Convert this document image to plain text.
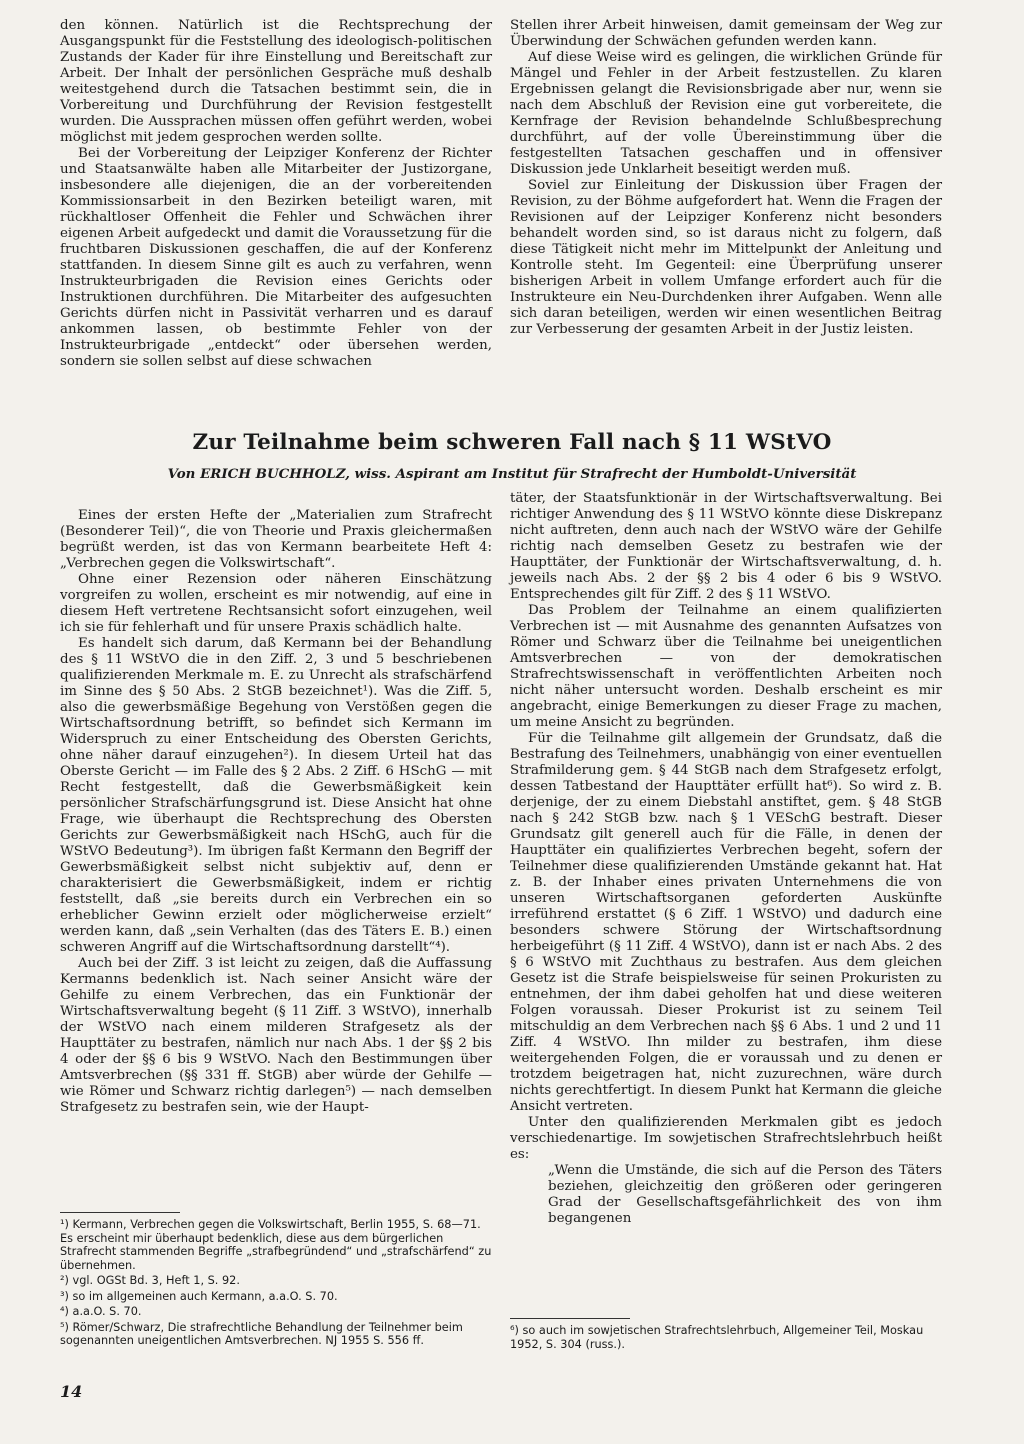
den können. Natürlich ist die Rechtsprechung der Ausgangspunkt für die Feststellung des ideologisch-politischen Zustands der Kader für ihre Einstellung und Bereitschaft zur Arbeit. Der Inhalt der persönlichen Gespräche muß deshalb weitestgehend durch die Tatsachen bestimmt sein, die in Vorbereitung und Durchführung der Revision festgestellt wurden. Die Aussprachen müssen offen geführt werden, wobei möglichst mit jedem gesprochen werden sollte.

Bei der Vorbereitung der Leipziger Konferenz der Richter und Staatsanwälte haben alle Mitarbeiter der Justizorgane, insbesondere alle diejenigen, die an der vorbereitenden Kommissionsarbeit in den Bezirken beteiligt waren, mit rückhaltloser Offenheit die Fehler und Schwächen ihrer eigenen Arbeit aufgedeckt und damit die Voraussetzung für die fruchtbaren Diskussionen geschaffen, die auf der Konferenz stattfanden. In diesem Sinne gilt es auch zu verfahren, wenn Instrukteurbrigaden die Revision eines Gerichts oder Instruktionen durchführen. Die Mitarbeiter des aufgesuchten Gerichts dürfen nicht in Passivität verharren und es darauf ankommen lassen, ob bestimmte Fehler von der Instrukteurbrigade „entdeckt“ oder übersehen werden, sondern sie sollen selbst auf diese schwachen

Stellen ihrer Arbeit hinweisen, damit gemeinsam der Weg zur Überwindung der Schwächen gefunden werden kann.

Auf diese Weise wird es gelingen, die wirklichen Gründe für Mängel und Fehler in der Arbeit festzustellen. Zu klaren Ergebnissen gelangt die Revisionsbrigade aber nur, wenn sie nach dem Abschluß der Revision eine gut vorbereitete, die Kernfrage der Revision behandelnde Schlußbesprechung durchführt, auf der volle Übereinstimmung über die festgestellten Tatsachen geschaffen und in offensiver Diskussion jede Unklarheit beseitigt werden muß.

Soviel zur Einleitung der Diskussion über Fragen der Revision, zu der Böhme aufgefordert hat. Wenn die Fragen der Revisionen auf der Leipziger Konferenz nicht besonders behandelt worden sind, so ist daraus nicht zu folgern, daß diese Tätigkeit nicht mehr im Mittelpunkt der Anleitung und Kontrolle steht. Im Gegenteil: eine Überprüfung unserer bisherigen Arbeit in vollem Umfange erfordert auch für die Instrukteure ein Neu-Durchdenken ihrer Aufgaben. Wenn alle sich daran beteiligen, werden wir einen wesentlichen Beitrag zur Verbesserung der gesamten Arbeit in der Justiz leisten.

Zur Teilnahme beim schweren Fall nach § 11 WStVO
Von ERICH BUCHHOLZ, wiss. Aspirant am Institut für Strafrecht der Humboldt-Universität

Eines der ersten Hefte der „Materialien zum Strafrecht (Besonderer Teil)“, die von Theorie und Praxis gleichermaßen begrüßt werden, ist das von Kermann bearbeitete Heft 4: „Verbrechen gegen die Volkswirtschaft“.

Ohne einer Rezension oder näheren Einschätzung vorgreifen zu wollen, erscheint es mir notwendig, auf eine in diesem Heft vertretene Rechtsansicht sofort einzugehen, weil ich sie für fehlerhaft und für unsere Praxis schädlich halte.

Es handelt sich darum, daß Kermann bei der Behandlung des § 11 WStVO die in den Ziff. 2, 3 und 5 beschriebenen qualifizierenden Merkmale m. E. zu Unrecht als strafschärfend im Sinne des § 50 Abs. 2 StGB bezeichnet¹). Was die Ziff. 5, also die gewerbsmäßige Begehung von Verstößen gegen die Wirtschaftsordnung betrifft, so befindet sich Kermann im Widerspruch zu einer Entscheidung des Obersten Gerichts, ohne näher darauf einzugehen²). In diesem Urteil hat das Oberste Gericht — im Falle des § 2 Abs. 2 Ziff. 6 HSchG — mit Recht festgestellt, daß die Gewerbsmäßigkeit kein persönlicher Strafschärfungsgrund ist. Diese Ansicht hat ohne Frage, wie überhaupt die Rechtsprechung des Obersten Gerichts zur Gewerbsmäßigkeit nach HSchG, auch für die WStVO Bedeutung³). Im übrigen faßt Kermann den Begriff der Gewerbsmäßigkeit selbst nicht subjektiv auf, denn er charakterisiert die Gewerbsmäßigkeit, indem er richtig feststellt, daß „sie bereits durch ein Verbrechen ein so erheblicher Gewinn erzielt oder möglicherweise erzielt“ werden kann, daß „sein Verhalten (das des Täters E. B.) einen schweren Angriff auf die Wirtschaftsordnung darstellt“⁴).

Auch bei der Ziff. 3 ist leicht zu zeigen, daß die Auffassung Kermanns bedenklich ist. Nach seiner Ansicht wäre der Gehilfe zu einem Verbrechen, das ein Funktionär der Wirtschaftsverwaltung begeht (§ 11 Ziff. 3 WStVO), innerhalb der WStVO nach einem milderen Strafgesetz als der Haupttäter zu bestrafen, nämlich nur nach Abs. 1 der §§ 2 bis 4 oder der §§ 6 bis 9 WStVO. Nach den Bestimmungen über Amtsverbrechen (§§ 331 ff. StGB) aber würde der Gehilfe — wie Römer und Schwarz richtig darlegen⁵) — nach demselben Strafgesetz zu bestrafen sein, wie der Haupt-

täter, der Staatsfunktionär in der Wirtschaftsverwaltung. Bei richtiger Anwendung des § 11 WStVO könnte diese Diskrepanz nicht auftreten, denn auch nach der WStVO wäre der Gehilfe richtig nach demselben Gesetz zu bestrafen wie der Haupttäter, der Funktionär der Wirtschaftsverwaltung, d. h. jeweils nach Abs. 2 der §§ 2 bis 4 oder 6 bis 9 WStVO. Entsprechendes gilt für Ziff. 2 des § 11 WStVO.

Das Problem der Teilnahme an einem qualifizierten Verbrechen ist — mit Ausnahme des genannten Aufsatzes von Römer und Schwarz über die Teilnahme bei uneigentlichen Amtsverbrechen — von der demokratischen Strafrechtswissenschaft in veröffentlichten Arbeiten noch nicht näher untersucht worden. Deshalb erscheint es mir angebracht, einige Bemerkungen zu dieser Frage zu machen, um meine Ansicht zu begründen.

Für die Teilnahme gilt allgemein der Grundsatz, daß die Bestrafung des Teilnehmers, unabhängig von einer eventuellen Strafmilderung gem. § 44 StGB nach dem Strafgesetz erfolgt, dessen Tatbestand der Haupttäter erfüllt hat⁶). So wird z. B. derjenige, der zu einem Diebstahl anstiftet, gem. § 48 StGB nach § 242 StGB bzw. nach § 1 VESchG bestraft. Dieser Grundsatz gilt generell auch für die Fälle, in denen der Haupttäter ein qualifiziertes Verbrechen begeht, sofern der Teilnehmer diese qualifizierenden Umstände gekannt hat. Hat z. B. der Inhaber eines privaten Unternehmens die von unseren Wirtschaftsorganen geforderten Auskünfte irreführend erstattet (§ 6 Ziff. 1 WStVO) und dadurch eine besonders schwere Störung der Wirtschaftsordnung herbeigeführt (§ 11 Ziff. 4 WStVO), dann ist er nach Abs. 2 des § 6 WStVO mit Zuchthaus zu bestrafen. Aus dem gleichen Gesetz ist die Strafe beispielsweise für seinen Prokuristen zu entnehmen, der ihm dabei geholfen hat und diese weiteren Folgen voraussah. Dieser Prokurist ist zu seinem Teil mitschuldig an dem Verbrechen nach §§ 6 Abs. 1 und 2 und 11 Ziff. 4 WStVO. Ihn milder zu bestrafen, ihm diese weitergehenden Folgen, die er voraussah und zu denen er trotzdem beigetragen hat, nicht zuzurechnen, wäre durch nichts gerechtfertigt. In diesem Punkt hat Kermann die gleiche Ansicht vertreten.

Unter den qualifizierenden Merkmalen gibt es jedoch verschiedenartige. Im sowjetischen Strafrechtslehrbuch heißt es:

„Wenn die Umstände, die sich auf die Person des Täters beziehen, gleichzeitig den größeren oder geringeren Grad der Gesellschaftsgefährlichkeit des von ihm begangenen

¹) Kermann, Verbrechen gegen die Volkswirtschaft, Berlin 1955, S. 68—71. Es erscheint mir überhaupt bedenklich, diese aus dem bürgerlichen Strafrecht stammenden Begriffe „strafbegründend“ und „strafschärfend“ zu übernehmen.

²) vgl. OGSt Bd. 3, Heft 1, S. 92.

³) so im allgemeinen auch Kermann, a.a.O. S. 70.

⁴) a.a.O. S. 70.

⁵) Römer/Schwarz, Die strafrechtliche Behandlung der Teilnehmer beim sogenannten uneigentlichen Amtsverbrechen. NJ 1955 S. 556 ff.

⁶) so auch im sowjetischen Strafrechtslehrbuch, Allgemeiner Teil, Moskau 1952, S. 304 (russ.).

14
